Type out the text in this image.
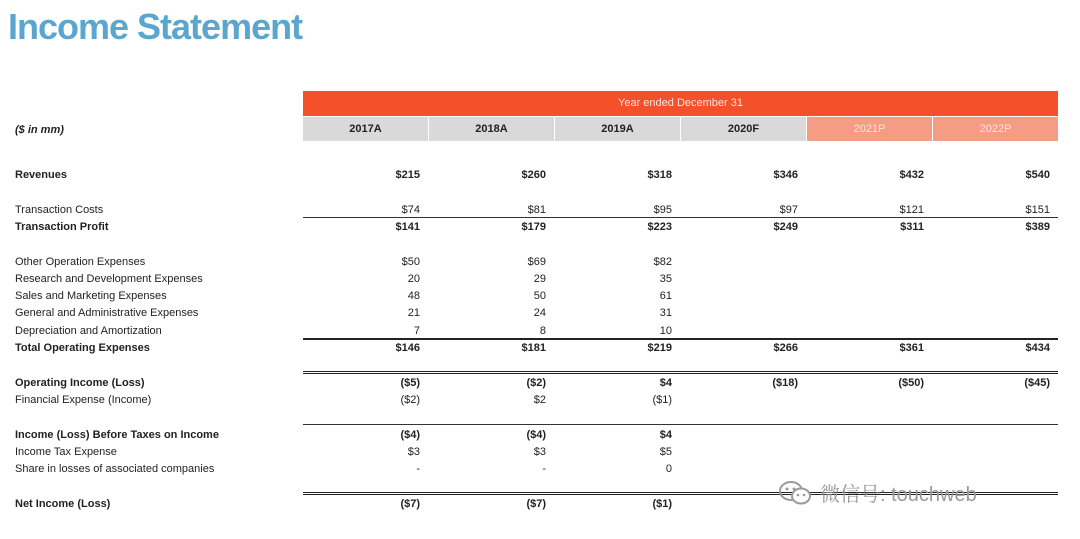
Income Statement
($ in mm)
Year ended December 31
2017A	2018A	2019A	2020F	2021P	2022P
Revenues	$215	$260	$318	$346	$432	$540
Transaction Costs	$74	$81	$95	$97	$121	$151
Transaction Profit	$141	$179	$223	$249	$311	$389
Other Operation Expenses	$50	$69	$82
Research and Development Expenses	20	29	35
Sales and Marketing Expenses	48	50	61
General and Administrative Expenses	21	24	31
Depreciation and Amortization	7	8	10
Total Operating Expenses	$146	$181	$219	$266	$361	$434
Operating Income (Loss)	($5)	($2)	$4	($18)	($50)	($45)
Financial Expense (Income)	($2)	$2	($1)
Income (Loss) Before Taxes on Income	($4)	($4)	$4
Income Tax Expense	$3	$3	$5
Share in losses of associated companies	-	-	0
Net Income (Loss)	($7)	($7)	($1)	微信号: touchweb
